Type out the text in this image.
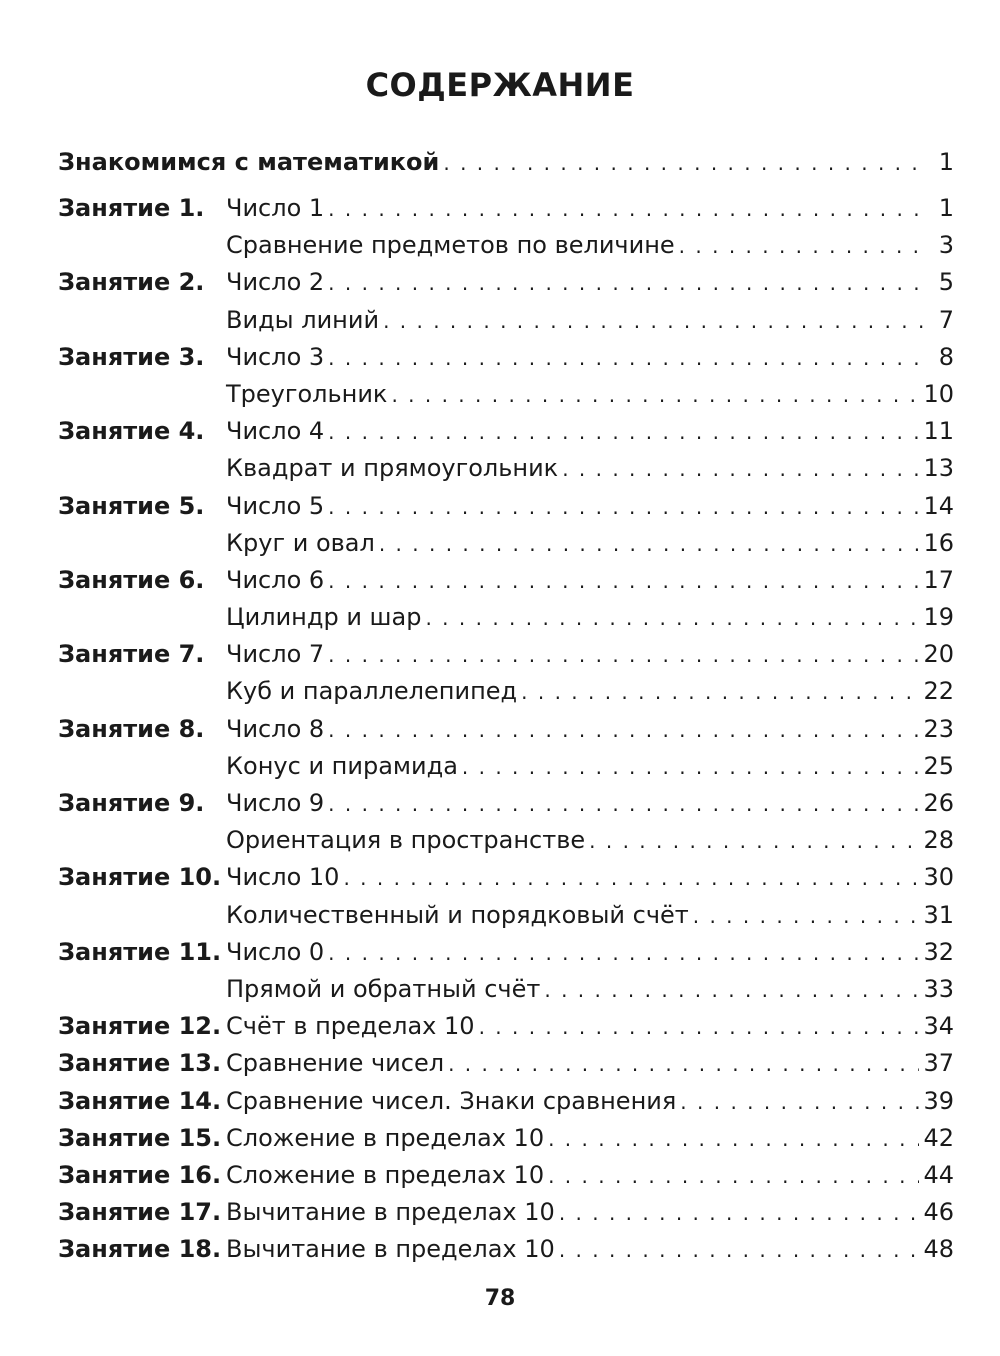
СОДЕРЖАНИЕ
Знакомимся с математикой . . .	1
Занятие 1. Число 1 . . .	1
Сравнение предметов по величине . . .	3
Занятие 2. Число 2 . . .	5
Виды линий . . .	7
Занятие 3. Число 3 . . .	8
Треугольник . . .	10
Занятие 4. Число 4 . . .	11
Квадрат и прямоугольник . . .	13
Занятие 5. Число 5 . . .	14
Круг и овал . . .	16
Занятие 6. Число 6 . . .	17
Цилиндр и шар . . .	19
Занятие 7. Число 7 . . .	20
Куб и параллелепипед . . .	22
Занятие 8. Число 8 . . .	23
Конус и пирамида . . .	25
Занятие 9. Число 9 . . .	26
Ориентация в пространстве . . .	28
Занятие 10. Число 10 . . .	30
Количественный и порядковый счёт . . .	31
Занятие 11. Число 0 . . .	32
Прямой и обратный счёт . . .	33
Занятие 12. Счёт в пределах 10 . . .	34
Занятие 13. Сравнение чисел . . .	37
Занятие 14. Сравнение чисел. Знаки сравнения . . .	39
Занятие 15. Сложение в пределах 10 . . .	42
Занятие 16. Сложение в пределах 10 . . .	44
Занятие 17. Вычитание в пределах 10 . . .	46
Занятие 18. Вычитание в пределах 10 . . .	48
78
